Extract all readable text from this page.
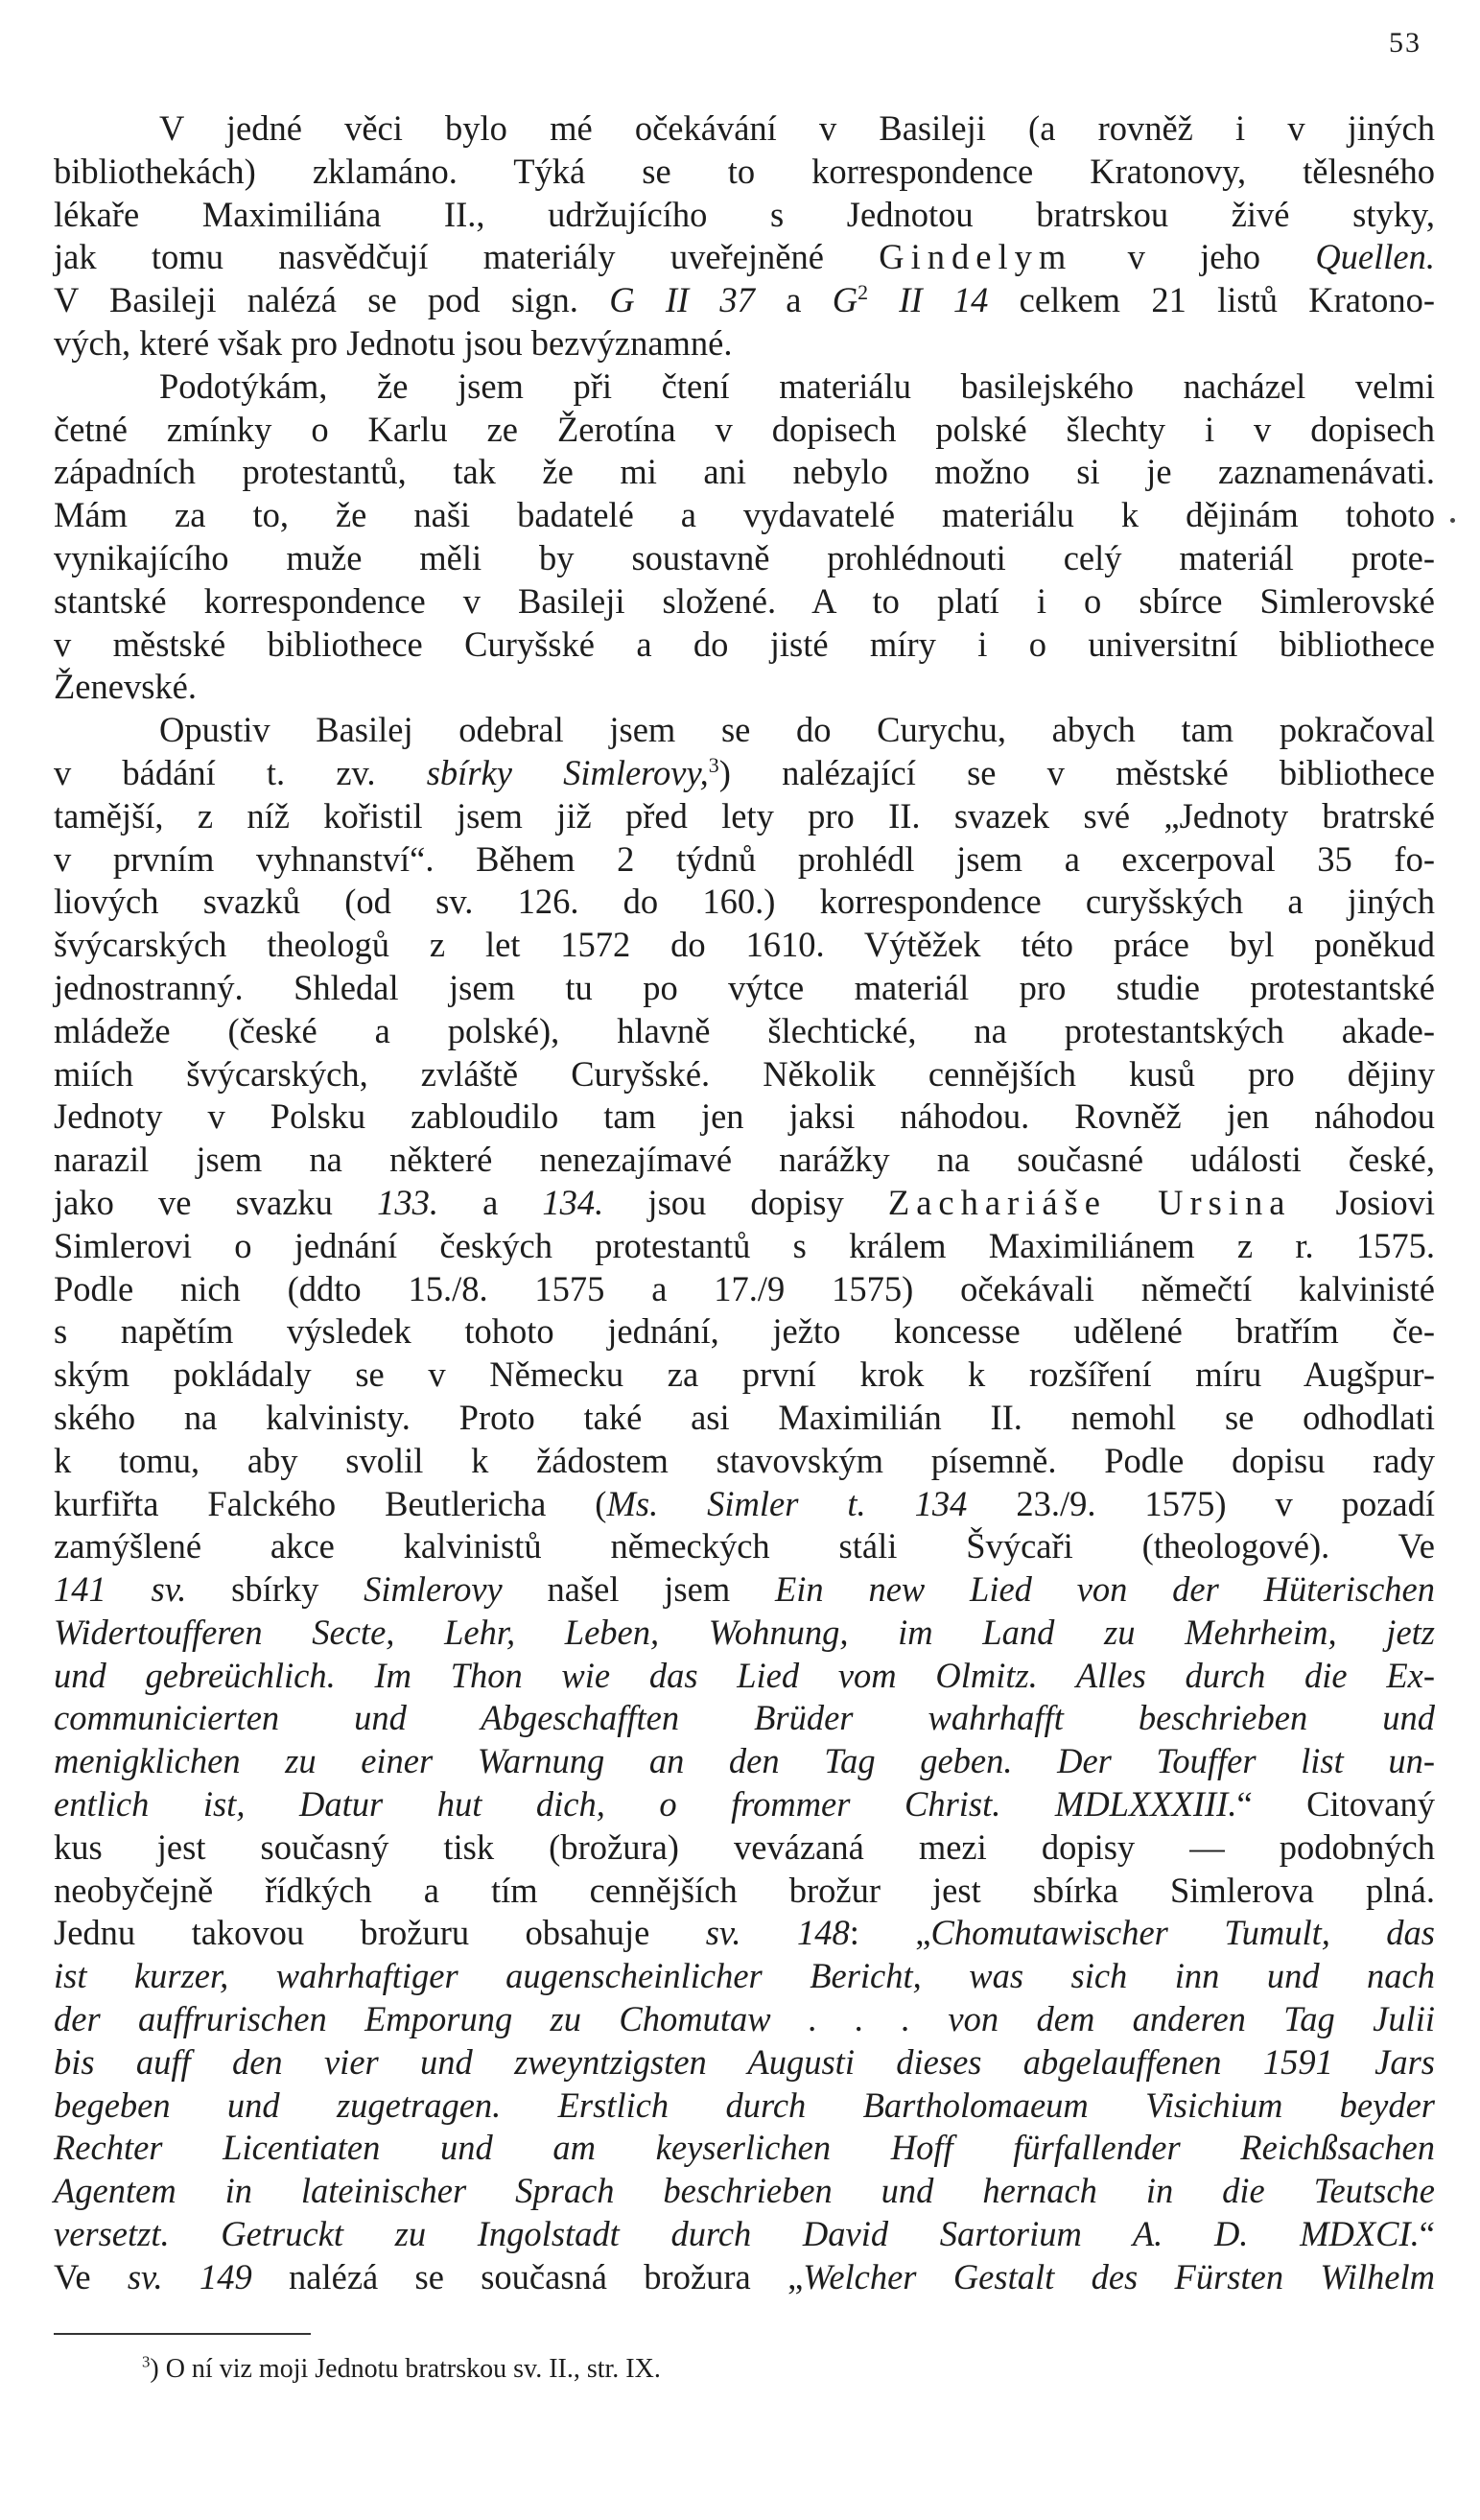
53
V jedné věci bylo mé očekávání v Basileji (a rovněž i v jiných
bibliothekách) zklamáno. Týká se to korrespondence Kratonovy, tělesného
lékaře Maximiliána II., udržujícího s Jednotou bratrskou živé styky,
jak tomu nasvědčují materiály uveřejněné Gindelym v jeho Quellen.
V Basileji nalézá se pod sign. G II 37 a $G^2$ II 14 celkem 21 listů Kratono-
vých, které však pro Jednotu jsou bezvýznamné.
Podotýkám, že jsem při čtení materiálu basilejského nacházel velmi
četné zmínky o Karlu ze Žerotína v dopisech polské šlechty i v dopisech
západních protestantů, tak že mi ani nebylo možno si je zaznamenávati.
Mám za to, že naši badatelé a vydavatelé materiálu k dějinám tohoto
vynikajícího muže měli by soustavně prohlédnouti celý materiál prote-
stantské korrespondence v Basileji složené. A to platí i o sbírce Simlerovské
v městské bibliothece Curyšské a do jisté míry i o universitní bibliothece
Ženevské.
Opustiv Basilej odebral jsem se do Curychu, abych tam pokračoval
v bádání t. zv. sbírky Simlerovy,$^3$) nalézající se v městské bibliothece
tamější, z níž kořistil jsem již před lety pro II. svazek své „Jednoty bratrské
v prvním vyhnanství“. Během 2 týdnů prohlédl jsem a excerpoval 35 fo-
liových svazků (od sv. 126. do 160.) korrespondence curyšských a jiných
švýcarských theologů z let 1572 do 1610. Výtěžek této práce byl poněkud
jednostranný. Shledal jsem tu po výtce materiál pro studie protestantské
mládeže (české a polské), hlavně šlechtické, na protestantských akade-
miích švýcarských, zvláště Curyšské. Několik cennějších kusů pro dějiny
Jednoty v Polsku zabloudilo tam jen jaksi náhodou. Rovněž jen náhodou
narazil jsem na některé nenezajímavé narážky na současné události české,
jako ve svazku 133. a 134. jsou dopisy Zachariáše Ursina Josiovi
Simlerovi o jednání českých protestantů s králem Maximiliánem z r. 1575.
Podle nich (ddto 15./8. 1575 a 17./9 1575) očekávali němečtí kalvinisté
s napětím výsledek tohoto jednání, ježto koncesse udělené bratřím če-
ským pokládaly se v Německu za první krok k rozšíření míru Augšpur-
ského na kalvinisty. Proto také asi Maximilián II. nemohl se odhodlati
k tomu, aby svolil k žádostem stavovským písemně. Podle dopisu rady
kurfiřta Falckého Beutlericha (Ms. Simler t. 134 23./9. 1575) v pozadí
zamýšlené akce kalvinistů německých stáli Švýcaři (theologové). Ve
141 sv. sbírky Simlerovy našel jsem Ein new Lied von der Hüterischen
Widertoufferen Secte, Lehr, Leben, Wohnung, im Land zu Mehrheim, jetz
und gebreüchlich. Im Thon wie das Lied vom Olmitz. Alles durch die Ex-
communicierten und Abgeschafften Brüder wahrhafft beschrieben und
menigklichen zu einer Warnung an den Tag geben. Der Touffer list un-
entlich ist, Datur hut dich, o frommer Christ. MDLXXXIII.“ Citovaný
kus jest současný tisk (brožura) vevázaná mezi dopisy — podobných
neobyčejně řídkých a tím cennějších brožur jest sbírka Simlerova plná.
Jednu takovou brožuru obsahuje sv. 148: „Chomutawischer Tumult, das
ist kurzer, wahrhaftiger augenscheinlicher Bericht, was sich inn und nach
der auffrurischen Emporung zu Chomutaw . . . von dem anderen Tag Julii
bis auff den vier und zweyntzigsten Augusti dieses abgelauffenen 1591 Jars
begeben und zugetragen. Erstlich durch Bartholomaeum Visichium beyder
Rechter Licentiaten und am keyserlichen Hoff fürfallender Reichßsachen
Agentem in lateinischer Sprach beschrieben und hernach in die Teutsche
versetzt. Getruckt zu Ingolstadt durch David Sartorium A. D. MDXCI.“
Ve sv. 149 nalézá se současná brožura „Welcher Gestalt des Fürsten Wilhelm
$^3$) O ní viz moji Jednotu bratrskou sv. II., str. IX.
